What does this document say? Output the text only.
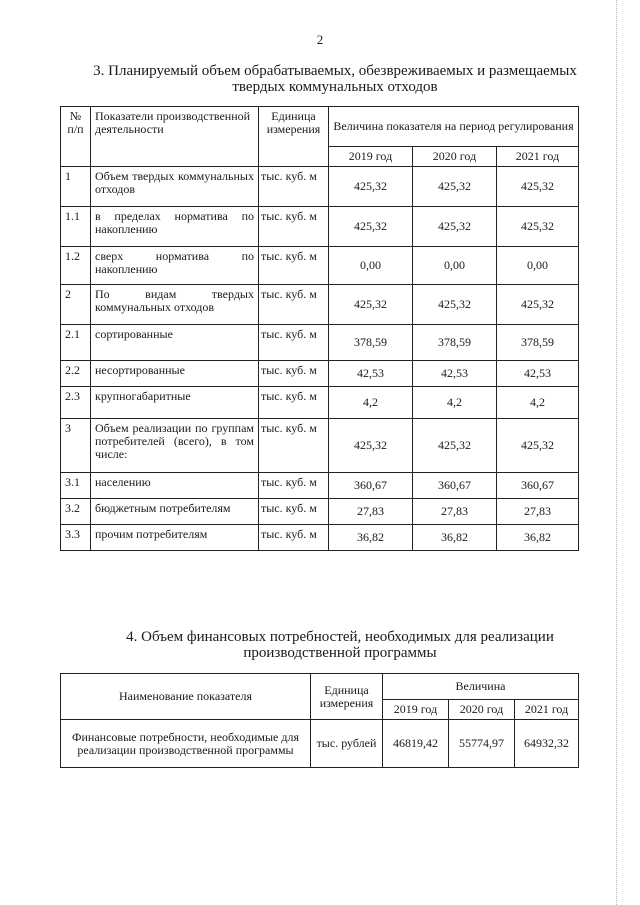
2
3. Планируемый объем обрабатываемых, обезвреживаемых и размещаемых
твердых коммунальных отходов
№ п/п	Показатели производственной деятельности	Единица измерения	Величина показателя на период регулирования		
			2019 год	2020 год	2021 год
1	Объем твердых коммунальных отходов	тыс. куб. м	425,32	425,32	425,32
1.1	в пределах норматива по накоплению	тыс. куб. м	425,32	425,32	425,32
1.2	сверх норматива по накоплению	тыс. куб. м	0,00	0,00	0,00
2	По видам твердых коммунальных отходов	тыс. куб. м	425,32	425,32	425,32
2.1	сортированные	тыс. куб. м	378,59	378,59	378,59
2.2	несортированные	тыс. куб. м	42,53	42,53	42,53
2.3	крупногабаритные	тыс. куб. м	4,2	4,2	4,2
3	Объем реализации по группам потребителей (всего), в том числе:	тыс. куб. м	425,32	425,32	425,32
3.1	населению	тыс. куб. м	360,67	360,67	360,67
3.2	бюджетным потребителям	тыс. куб. м	27,83	27,83	27,83
3.3	прочим потребителям	тыс. куб. м	36,82	36,82	36,82
4. Объем финансовых потребностей, необходимых для реализации
производственной программы
Наименование показателя	Единица измерения	Величина		
		2019 год	2020 год	2021 год
Финансовые потребности, необходимые для реализации производственной программы	тыс. рублей	46819,42	55774,97	64932,32
